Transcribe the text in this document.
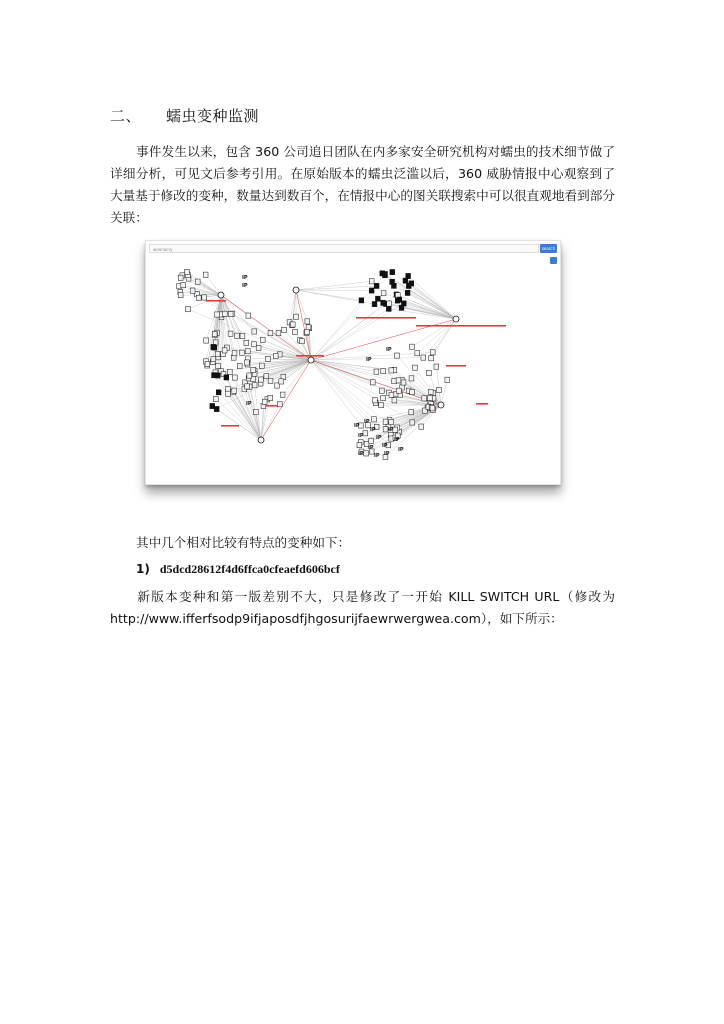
二、	蠕虫变种监测
事件发生以来，包含 360 公司追日团队在内多家安全研究机构对蠕虫的技术细节做了详细分析，可见文后参考引用。在原始版本的蠕虫泛滥以后，360 威胁情报中心观察到了大量基于修改的变种，数量达到数百个，在情报中心的图关联搜索中可以很直观地看到部分关联：
wannacry	search
IP
IP
IP
IP
IP
IP
IP
IP
IP
IP
IP
IP
IP
IP
IP
IP
IP
IP
其中几个相对比较有特点的变种如下：
1) d5dcd28612f4d6ffca0cfeaefd606bcf
新版本变种和第一版差别不大，只是修改了一开始 KILL SWITCH URL（修改为 http://www.ifferfsodp9ifjaposdfjhgosurijfaewrwergwea.com），如下所示：
